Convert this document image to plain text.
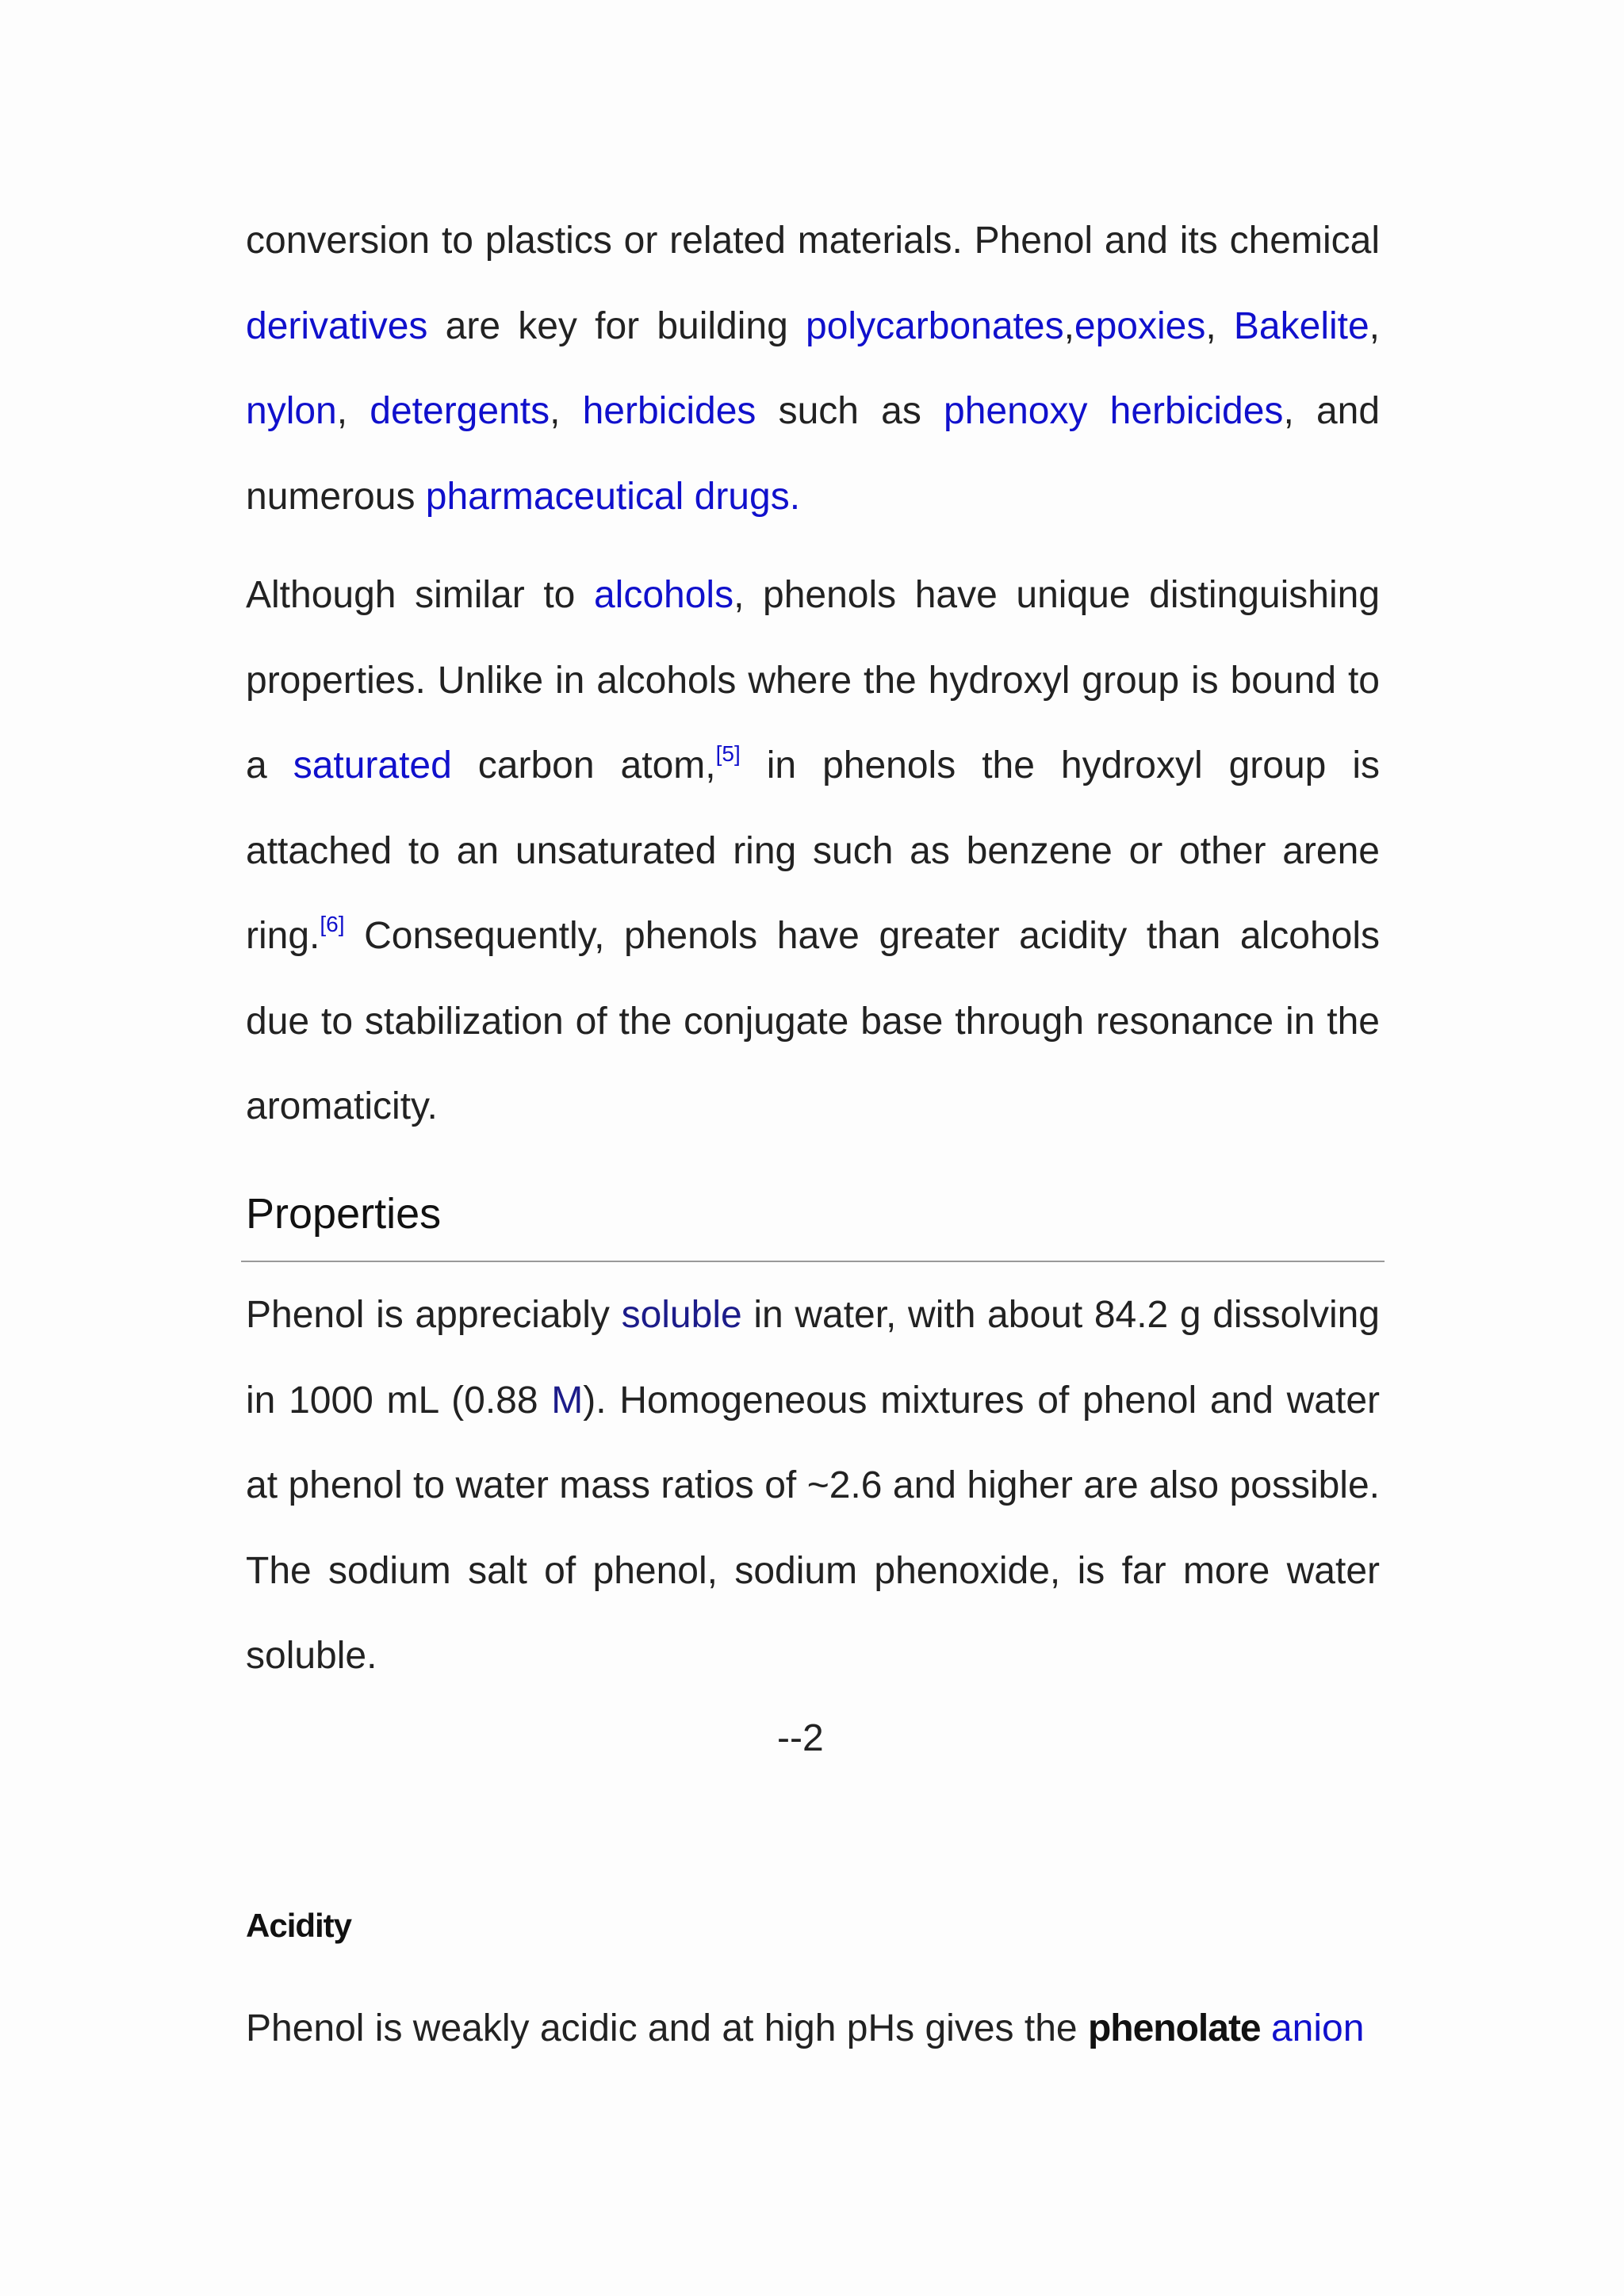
conversion to plastics or related materials. Phenol and its chemical derivatives are key for building polycarbonates,epoxies, Bakelite, nylon, detergents, herbicides such as phenoxy herbicides, and numerous pharmaceutical drugs.

Although similar to alcohols, phenols have unique distinguishing properties. Unlike in alcohols where the hydroxyl group is bound to a saturated carbon atom,[5] in phenols the hydroxyl group is attached to an unsaturated ring such as benzene or other arene ring.[6] Consequently, phenols have greater acidity than alcohols due to stabilization of the conjugate base through resonance in the aromaticity.

Properties

Phenol is appreciably soluble in water, with about 84.2 g dissolving in 1000 mL (0.88 M). Homogeneous mixtures of phenol and water at phenol to water mass ratios of ~2.6 and higher are also possible. The sodium salt of phenol, sodium phenoxide, is far more water soluble.

--2
Acidity

Phenol is weakly acidic and at high pHs gives the phenolate anion
